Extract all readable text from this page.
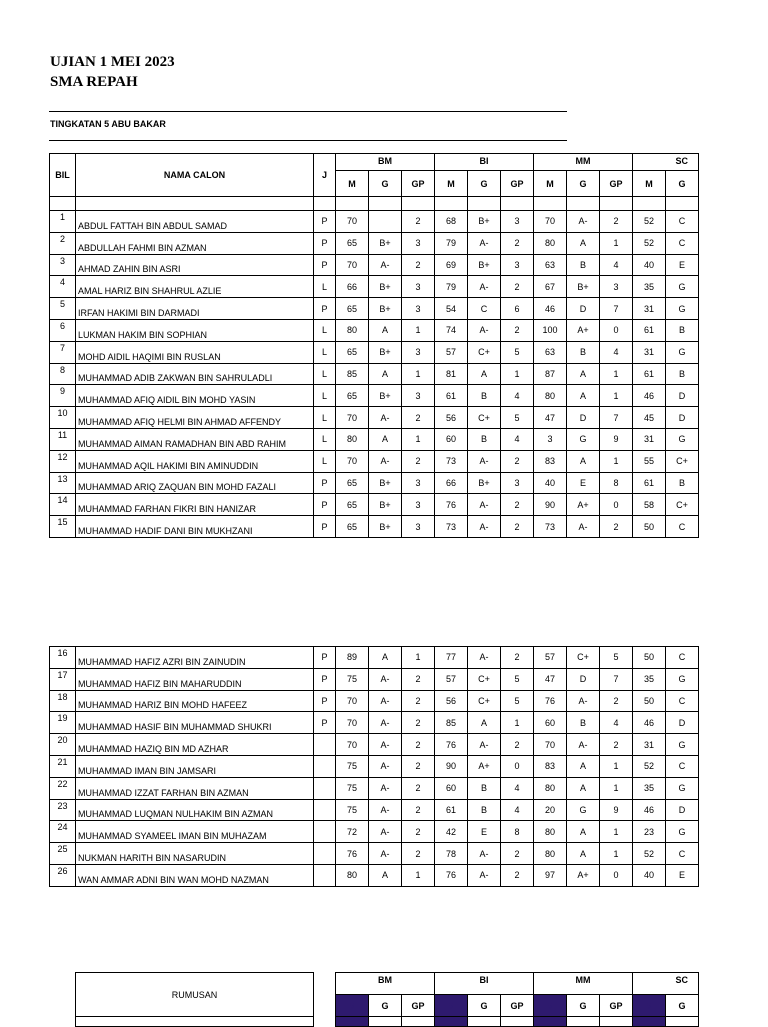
UJIAN 1 MEI 2023
SMA REPAH
TINGKATAN 5 ABU BAKAR
BIL	NAMA CALON	J	BM			BI			MM			SC	
			M	G	GP	M	G	GP	M	G	GP	M	G

1	ABDUL FATTAH BIN ABDUL SAMAD	P	70		2	68	B+	3	70	A-	2	52	C
2	ABDULLAH FAHMI BIN AZMAN	P	65	B+	3	79	A-	2	80	A	1	52	C
3	AHMAD ZAHIN BIN ASRI	P	70	A-	2	69	B+	3	63	B	4	40	E
4	AMAL HARIZ BIN SHAHRUL AZLIE	L	66	B+	3	79	A-	2	67	B+	3	35	G
5	IRFAN HAKIMI BIN DARMADI	P	65	B+	3	54	C	6	46	D	7	31	G
6	LUKMAN HAKIM BIN SOPHIAN	L	80	A	1	74	A-	2	100	A+	0	61	B
7	MOHD AIDIL HAQIMI BIN RUSLAN	L	65	B+	3	57	C+	5	63	B	4	31	G
8	MUHAMMAD ADIB ZAKWAN BIN SAHRULADLI	L	85	A	1	81	A	1	87	A	1	61	B
9	MUHAMMAD AFIQ AIDIL BIN MOHD YASIN	L	65	B+	3	61	B	4	80	A	1	46	D
10	MUHAMMAD AFIQ HELMI BIN AHMAD AFFENDY	L	70	A-	2	56	C+	5	47	D	7	45	D
11	MUHAMMAD AIMAN RAMADHAN BIN ABD RAHIM	L	80	A	1	60	B	4	3	G	9	31	G
12	MUHAMMAD AQIL HAKIMI BIN AMINUDDIN	L	70	A-	2	73	A-	2	83	A	1	55	C+
13	MUHAMMAD ARIQ ZAQUAN BIN MOHD FAZALI	P	65	B+	3	66	B+	3	40	E	8	61	B
14	MUHAMMAD FARHAN FIKRI BIN HANIZAR	P	65	B+	3	76	A-	2	90	A+	0	58	C+
15	MUHAMMAD HADIF DANI BIN MUKHZANI	P	65	B+	3	73	A-	2	73	A-	2	50	C
16	MUHAMMAD HAFIZ AZRI BIN ZAINUDIN	P	89	A	1	77	A-	2	57	C+	5	50	C
17	MUHAMMAD HAFIZ BIN MAHARUDDIN	P	75	A-	2	57	C+	5	47	D	7	35	G
18	MUHAMMAD HARIZ BIN MOHD HAFEEZ	P	70	A-	2	56	C+	5	76	A-	2	50	C
19	MUHAMMAD HASIF BIN MUHAMMAD SHUKRI	P	70	A-	2	85	A	1	60	B	4	46	D
20	MUHAMMAD HAZIQ BIN MD AZHAR		70	A-	2	76	A-	2	70	A-	2	31	G
21	MUHAMMAD IMAN BIN JAMSARI		75	A-	2	90	A+	0	83	A	1	52	C
22	MUHAMMAD IZZAT FARHAN BIN AZMAN		75	A-	2	60	B	4	80	A	1	35	G
23	MUHAMMAD LUQMAN NULHAKIM BIN AZMAN		75	A-	2	61	B	4	20	G	9	46	D
24	MUHAMMAD SYAMEEL IMAN BIN MUHAZAM		72	A-	2	42	E	8	80	A	1	23	G
25	NUKMAN HARITH BIN NASARUDIN		76	A-	2	78	A-	2	80	A	1	52	C
26	WAN AMMAR ADNI BIN WAN MOHD NAZMAN		80	A	1	76	A-	2	97	A+	0	40	E
RUMUSAN		BM			BI			MM			SC	
		M	G	GP	M	G	GP	M	G	GP	M	G
